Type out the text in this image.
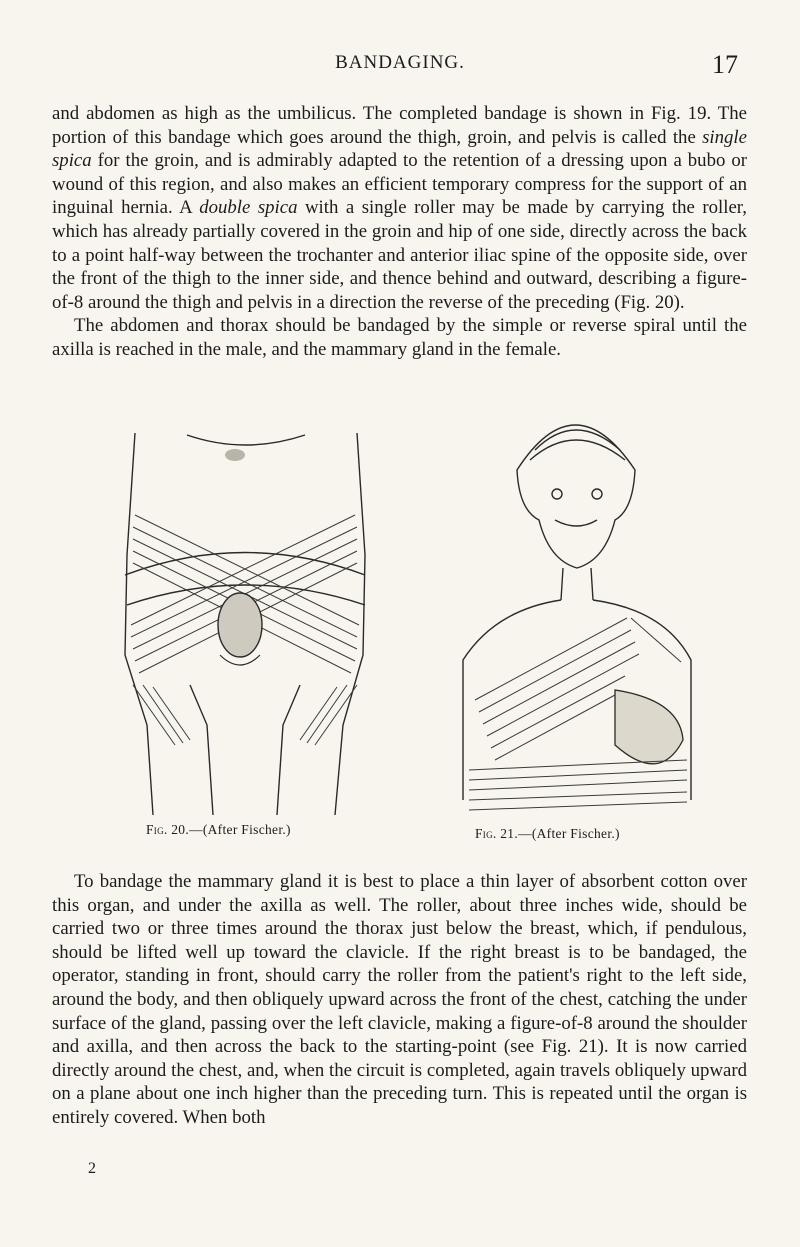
BANDAGING.	17

and abdomen as high as the umbilicus. The completed bandage is shown in Fig. 19. The portion of this bandage which goes around the thigh, groin, and pelvis is called the single spica for the groin, and is admirably adapted to the retention of a dressing upon a bubo or wound of this region, and also makes an efficient temporary compress for the support of an inguinal hernia. A double spica with a single roller may be made by carrying the roller, which has already partially covered in the groin and hip of one side, directly across the back to a point half-way between the trochanter and anterior iliac spine of the opposite side, over the front of the thigh to the inner side, and thence behind and outward, describing a figure-of-8 around the thigh and pelvis in a direction the reverse of the preceding (Fig. 20).

The abdomen and thorax should be bandaged by the simple or reverse spiral until the axilla is reached in the male, and the mammary gland in the female.

Fig. 20.—(After Fischer.)	Fig. 21.—(After Fischer.)

To bandage the mammary gland it is best to place a thin layer of absorbent cotton over this organ, and under the axilla as well. The roller, about three inches wide, should be carried two or three times around the thorax just below the breast, which, if pendulous, should be lifted well up toward the clavicle. If the right breast is to be bandaged, the operator, standing in front, should carry the roller from the patient's right to the left side, around the body, and then obliquely upward across the front of the chest, catching the under surface of the gland, passing over the left clavicle, making a figure-of-8 around the shoulder and axilla, and then across the back to the starting-point (see Fig. 21). It is now carried directly around the chest, and, when the circuit is completed, again travels obliquely upward on a plane about one inch higher than the preceding turn. This is repeated until the organ is entirely covered. When both

2
